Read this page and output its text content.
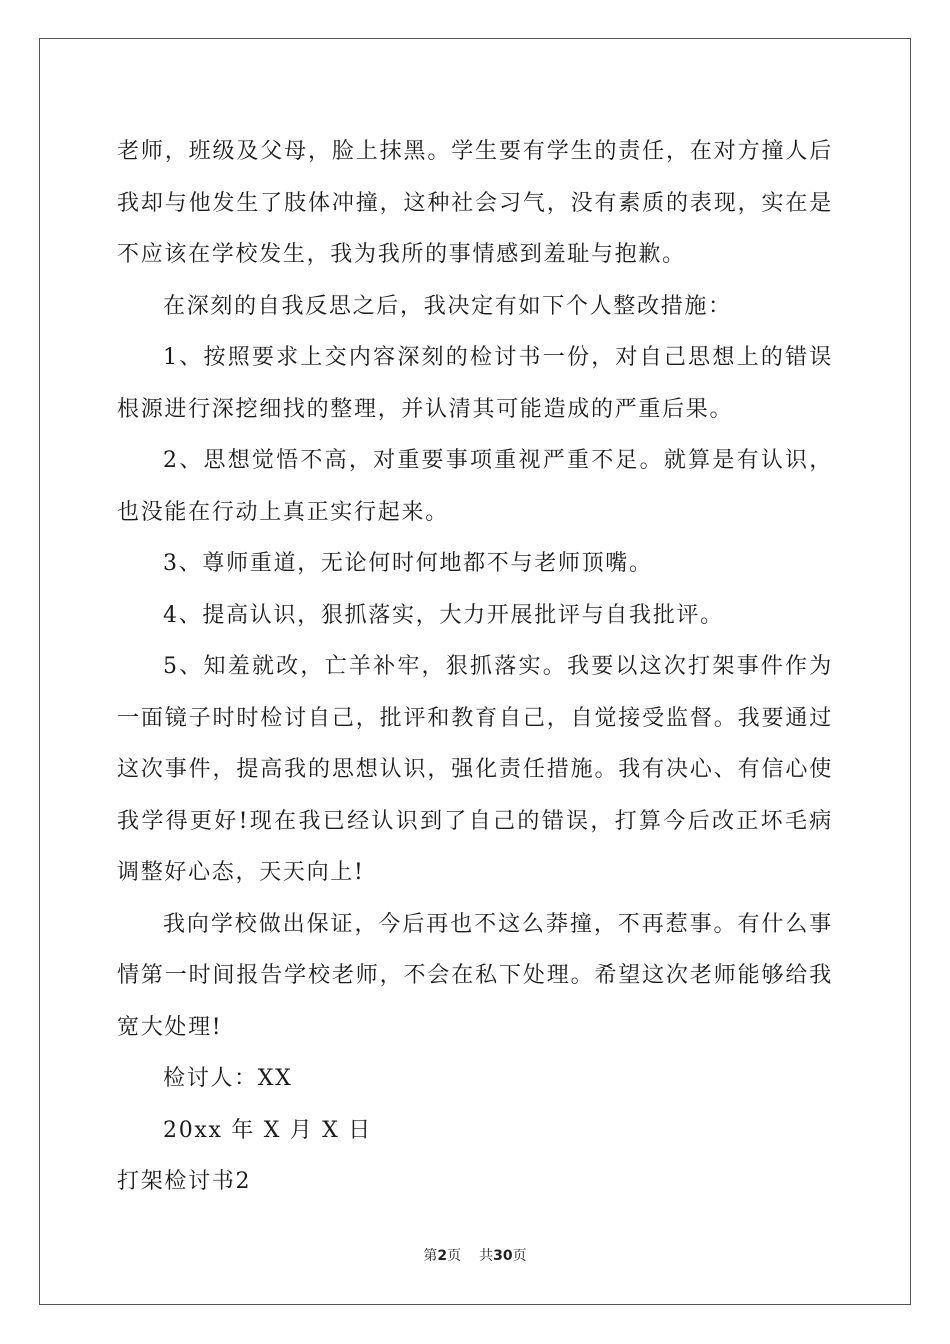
老师，班级及父母，脸上抹黑。学生要有学生的责任，在对方撞人后我却与他发生了肢体冲撞，这种社会习气，没有素质的表现，实在是不应该在学校发生，我为我所的事情感到羞耻与抱歉。

在深刻的自我反思之后，我决定有如下个人整改措施：

1、按照要求上交内容深刻的检讨书一份，对自己思想上的错误根源进行深挖细找的整理，并认清其可能造成的严重后果。

2、思想觉悟不高，对重要事项重视严重不足。就算是有认识，也没能在行动上真正实行起来。

3、尊师重道，无论何时何地都不与老师顶嘴。

4、提高认识，狠抓落实，大力开展批评与自我批评。

5、知羞就改，亡羊补牢，狠抓落实。我要以这次打架事件作为一面镜子时时检讨自己，批评和教育自己，自觉接受监督。我要通过这次事件，提高我的思想认识，强化责任措施。我有决心、有信心使我学得更好!现在我已经认识到了自己的错误，打算今后改正坏毛病调整好心态，天天向上!

我向学校做出保证，今后再也不这么莽撞，不再惹事。有什么事情第一时间报告学校老师，不会在私下处理。希望这次老师能够给我宽大处理!

检讨人：XX

20xx 年 X 月 X 日

打架检讨书2

第2页 共30页
